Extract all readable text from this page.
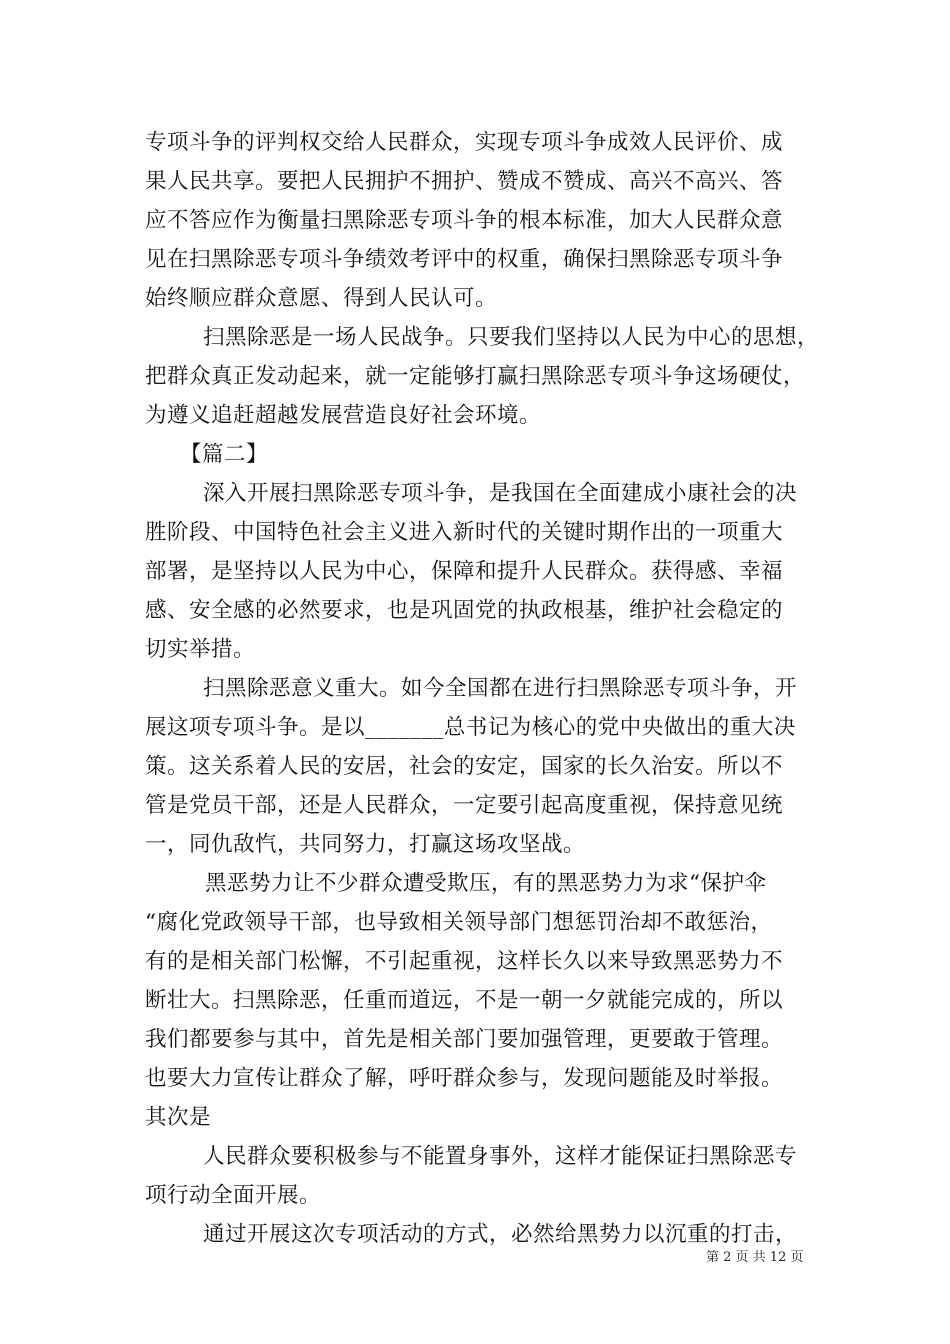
专项斗争的评判权交给人民群众，实现专项斗争成效人民评价、成
果人民共享。要把人民拥护不拥护、赞成不赞成、高兴不高兴、答
应不答应作为衡量扫黑除恶专项斗争的根本标准，加大人民群众意
见在扫黑除恶专项斗争绩效考评中的权重，确保扫黑除恶专项斗争
始终顺应群众意愿、得到人民认可。
扫黑除恶是一场人民战争。只要我们坚持以人民为中心的思想，
把群众真正发动起来，就一定能够打赢扫黑除恶专项斗争这场硬仗，
为遵义追赶超越发展营造良好社会环境。
【篇二】
深入开展扫黑除恶专项斗争，是我国在全面建成小康社会的决
胜阶段、中国特色社会主义进入新时代的关键时期作出的一项重大
部署，是坚持以人民为中心，保障和提升人民群众。获得感、幸福
感、安全感的必然要求，也是巩固党的执政根基，维护社会稳定的
切实举措。
扫黑除恶意义重大。如今全国都在进行扫黑除恶专项斗争，开
展这项专项斗争。是以_______总书记为核心的党中央做出的重大决
策。这关系着人民的安居，社会的安定，国家的长久治安。所以不
管是党员干部，还是人民群众，一定要引起高度重视，保持意见统
一，同仇敌忾，共同努力，打赢这场攻坚战。
黑恶势力让不少群众遭受欺压，有的黑恶势力为求“保护伞
“腐化党政领导干部，也导致相关领导部门想惩罚治却不敢惩治，
有的是相关部门松懈，不引起重视，这样长久以来导致黑恶势力不
断壮大。扫黑除恶，任重而道远，不是一朝一夕就能完成的，所以
我们都要参与其中，首先是相关部门要加强管理，更要敢于管理。
也要大力宣传让群众了解，呼吁群众参与，发现问题能及时举报。
其次是
人民群众要积极参与不能置身事外，这样才能保证扫黑除恶专
项行动全面开展。
通过开展这次专项活动的方式，必然给黑势力以沉重的打击，
第 2 页 共 12 页
